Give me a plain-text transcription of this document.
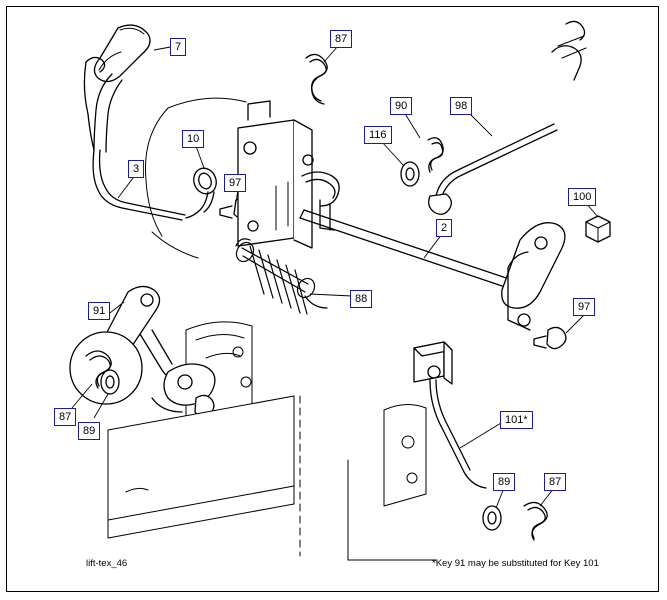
7
87
90	98
10	116
3
97
100
2
97
88
91
87
89
101*
89	87
lift-tex_46	*Key 91 may be substituted for Key 101
